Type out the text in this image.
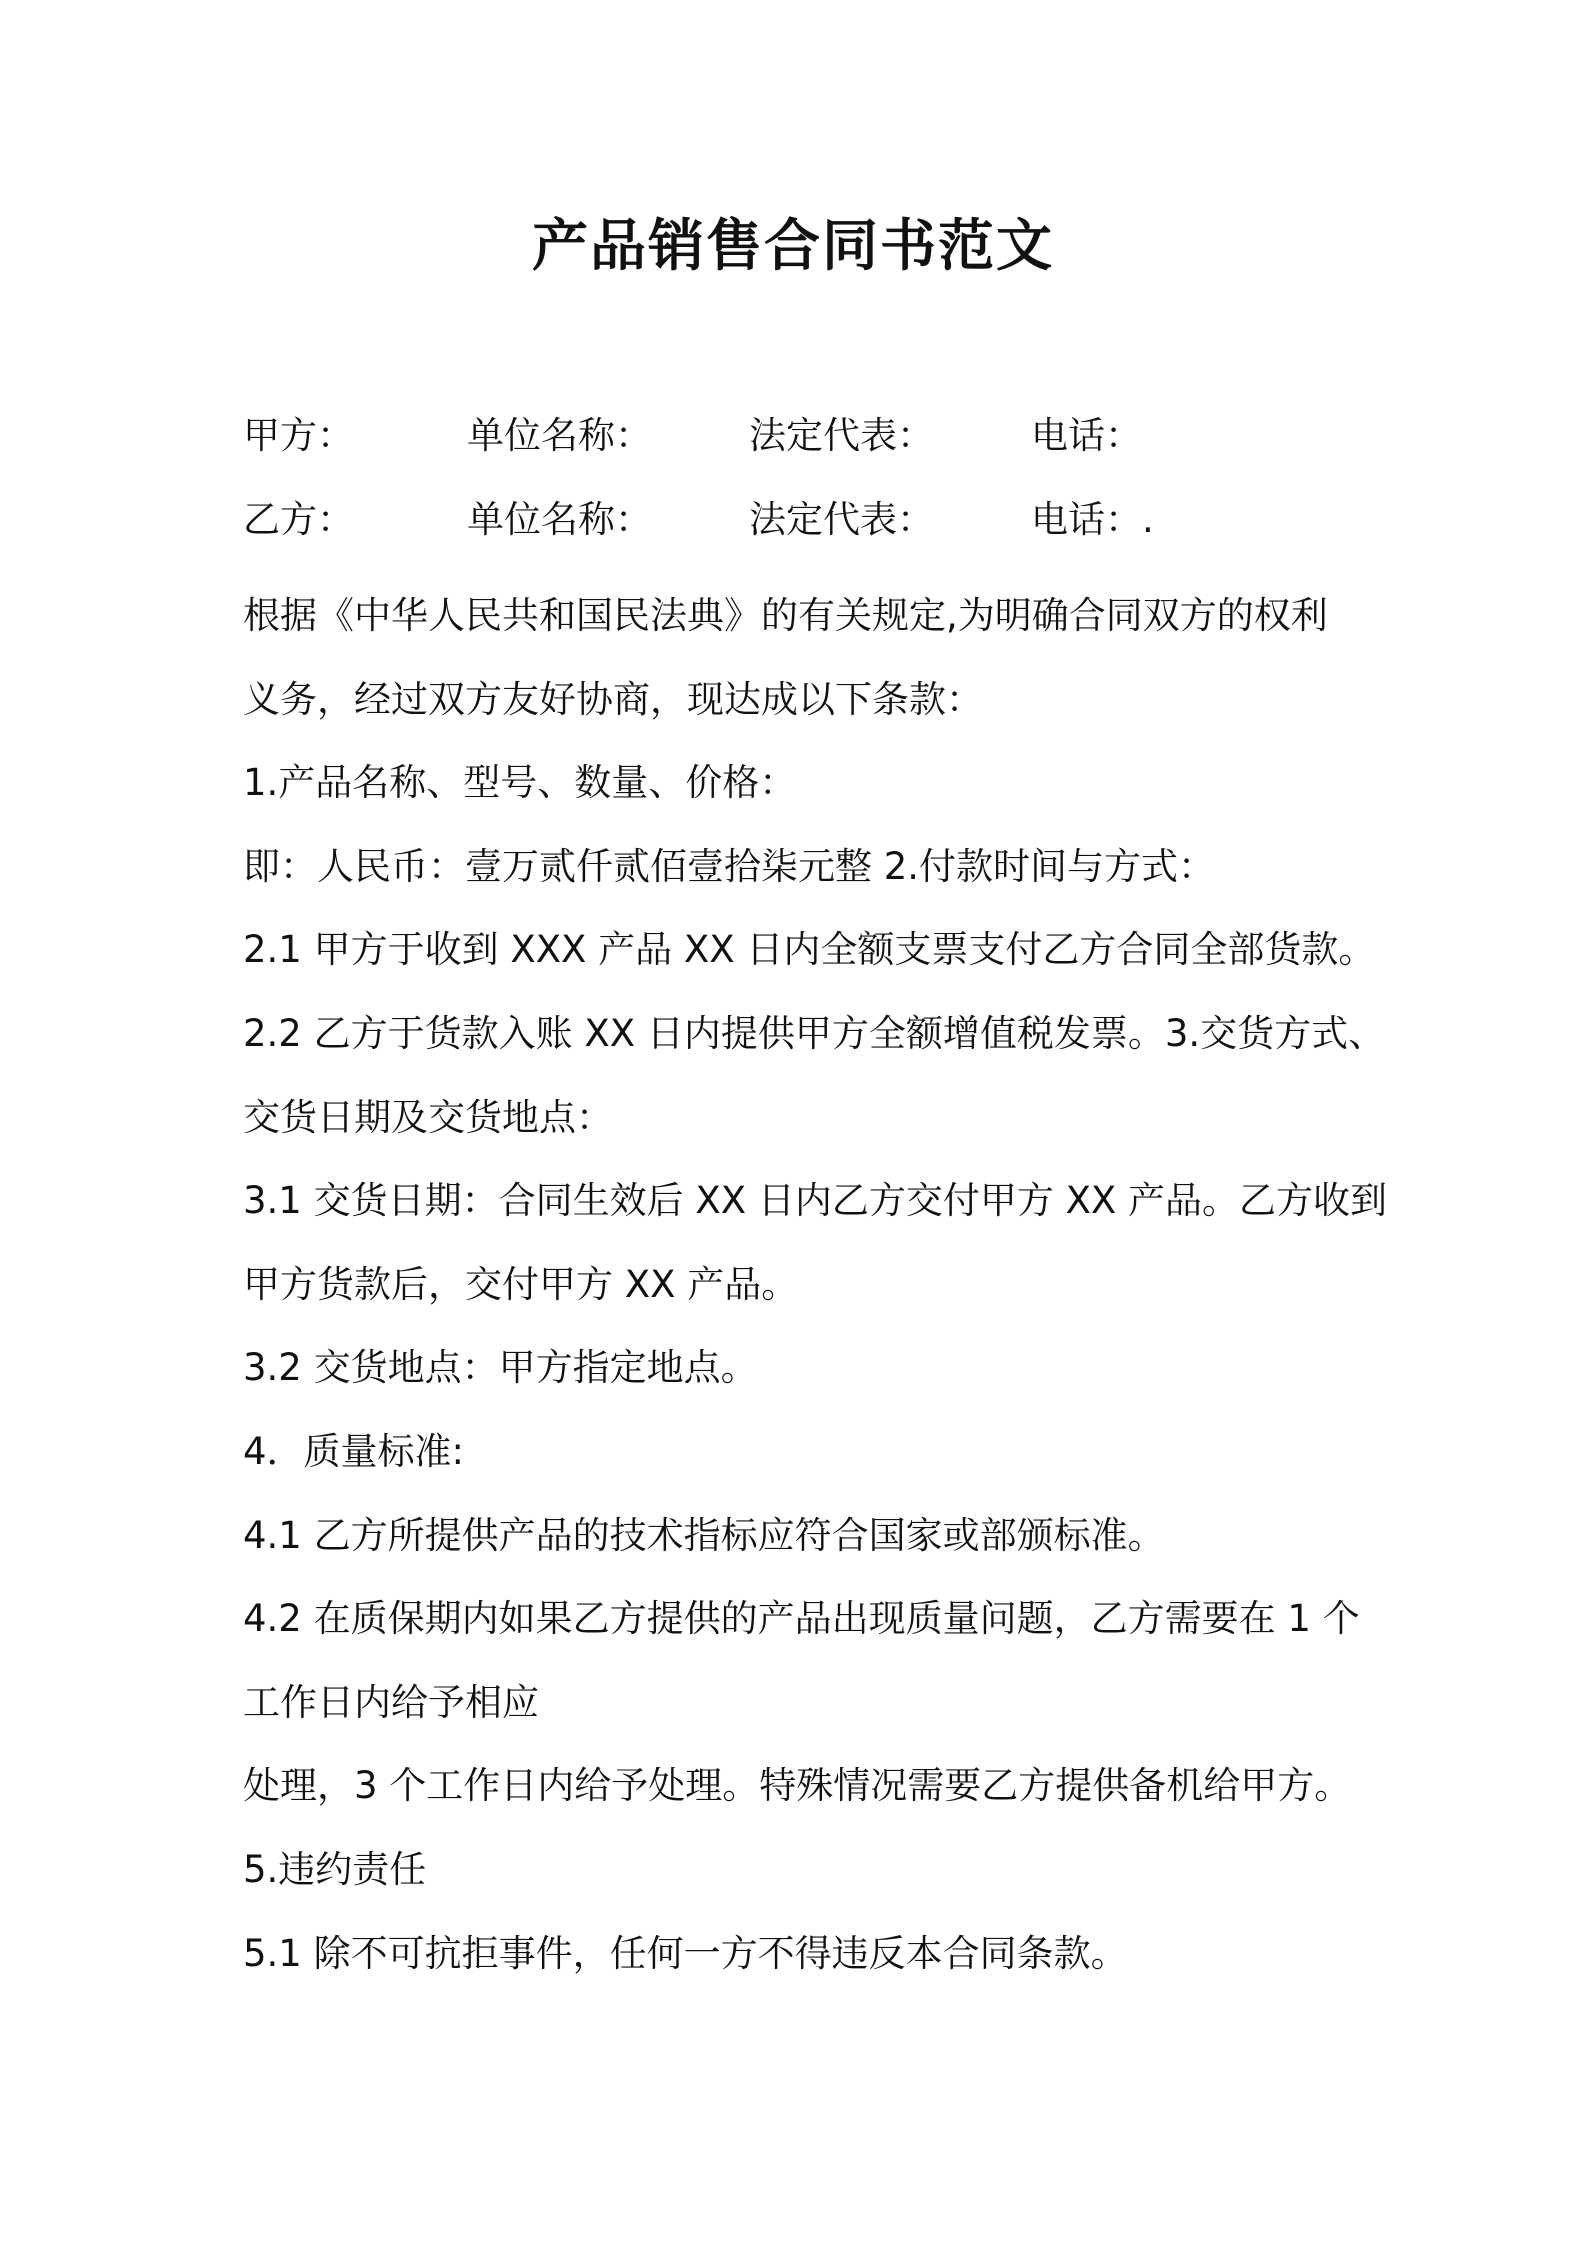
产品销售合同书范文
甲方：	单位名称：	法定代表：	电话：
乙方：	单位名称：	法定代表：	电话：.
根据《中华人民共和国民法典》的有关规定,为明确合同双方的权利
义务，经过双方友好协商，现达成以下条款：
1.产品名称、型号、数量、价格：
即：人民币：壹万贰仟贰佰壹拾柒元整 2.付款时间与方式：
2.1 甲方于收到 XXX 产品 XX 日内全额支票支付乙方合同全部货款。
2.2 乙方于货款入账 XX 日内提供甲方全额增值税发票。3.交货方式、
交货日期及交货地点：
3.1 交货日期：合同生效后 XX 日内乙方交付甲方 XX 产品。乙方收到
甲方货款后，交付甲方 XX 产品。
3.2 交货地点：甲方指定地点。
4．质量标准:
4.1 乙方所提供产品的技术指标应符合国家或部颁标准。
4.2 在质保期内如果乙方提供的产品出现质量问题，乙方需要在 1 个
工作日内给予相应
处理，3 个工作日内给予处理。特殊情况需要乙方提供备机给甲方。
5.违约责任
5.1 除不可抗拒事件，任何一方不得违反本合同条款。
